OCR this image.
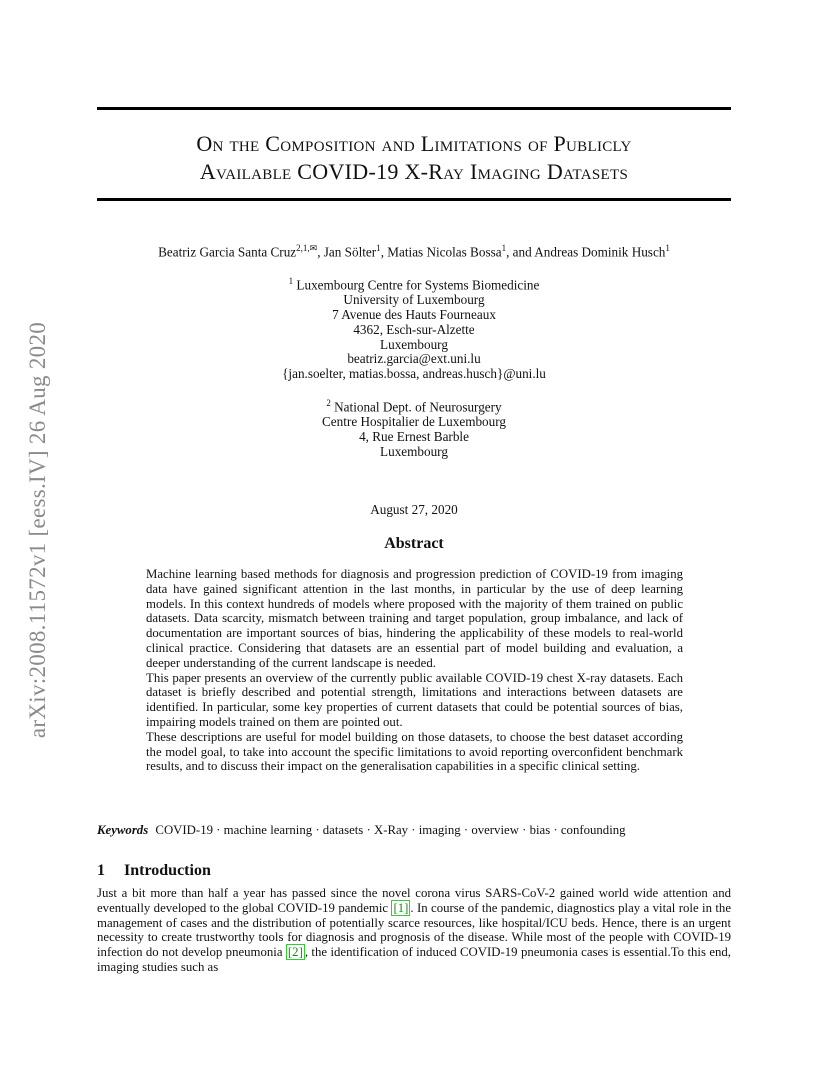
arXiv:2008.11572v1 [eess.IV] 26 Aug 2020
On the Composition and Limitations of Publicly
Available COVID-19 X-Ray Imaging Datasets
Beatriz Garcia Santa Cruz$^{2,1,✉}$, Jan Sölter$^1$, Matias Nicolas Bossa$^1$, and Andreas Dominik Husch$^1$
$^1$ Luxembourg Centre for Systems Biomedicine
University of Luxembourg
7 Avenue des Hauts Fourneaux
4362, Esch-sur-Alzette
Luxembourg
beatriz.garcia@ext.uni.lu
{jan.soelter, matias.bossa, andreas.husch}@uni.lu
$^2$ National Dept. of Neurosurgery
Centre Hospitalier de Luxembourg
4, Rue Ernest Barble
Luxembourg
August 27, 2020
Abstract

Machine learning based methods for diagnosis and progression prediction of COVID-19 from imaging data have gained significant attention in the last months, in particular by the use of deep learning models. In this context hundreds of models where proposed with the majority of them trained on public datasets. Data scarcity, mismatch between training and target population, group imbalance, and lack of documentation are important sources of bias, hindering the applicability of these models to real-world clinical practice. Considering that datasets are an essential part of model building and evaluation, a deeper understanding of the current landscape is needed.

This paper presents an overview of the currently public available COVID-19 chest X-ray datasets. Each dataset is briefly described and potential strength, limitations and interactions between datasets are identified. In particular, some key properties of current datasets that could be potential sources of bias, impairing models trained on them are pointed out.

These descriptions are useful for model building on those datasets, to choose the best dataset according the model goal, to take into account the specific limitations to avoid reporting overconfident benchmark results, and to discuss their impact on the generalisation capabilities in a specific clinical setting.

Keywords COVID-19 · machine learning · datasets · X-Ray · imaging · overview · bias · confounding
1 Introduction

Just a bit more than half a year has passed since the novel corona virus SARS-CoV-2 gained world wide attention and eventually developed to the global COVID-19 pandemic [1] . In course of the pandemic, diagnostics play a vital role in the management of cases and the distribution of potentially scarce resources, like hospital/ICU beds. Hence, there is an urgent necessity to create trustworthy tools for diagnosis and prognosis of the disease. While most of the people with COVID-19 infection do not develop pneumonia [2] , the identification of induced COVID-19 pneumonia cases is essential.To this end, imaging studies such as
